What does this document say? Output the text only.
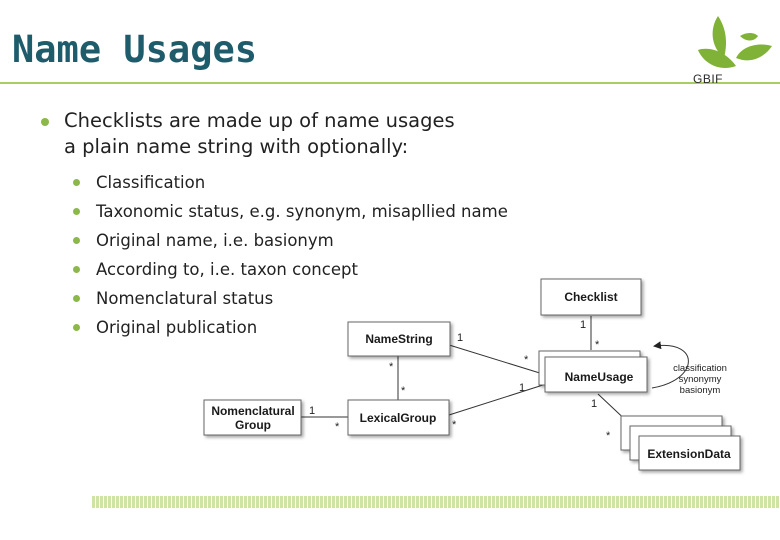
Name Usages
GBIF
Checklists are made up of name usages
a plain name string with optionally:
Classification
Taxonomic status, e.g. synonym, misapllied name
Original name, i.e. basionym
According to, i.e. taxon concept
Nomenclatural status
Original publication
Checklist
NameString
NameUsage
Nomenclatural
Group	LexicalGroup
ExtensionData
1
1
*
*
1
*
*
1
*	*
1
*
classification
synonymy
basionym
